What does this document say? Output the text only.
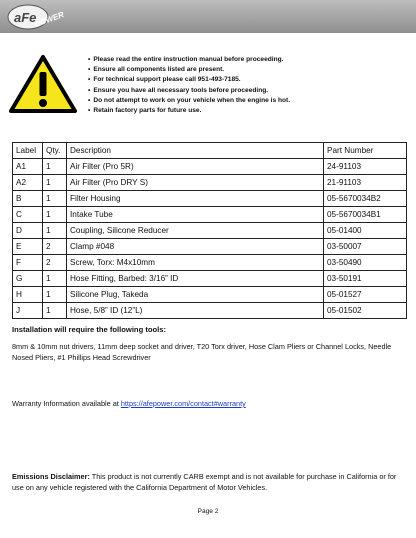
aFe
POWER
• Please read the entire instruction manual before proceeding.
• Ensure all components listed are present.
• For technical support please call 951-493-7185.
• Ensure you have all necessary tools before proceeding.
• Do not attempt to work on your vehicle when the engine is hot.
• Retain factory parts for future use.
Label	Qty.	Description	Part Number
A1	1	Air Filter (Pro 5R)	24-91103
A2	1	Air Filter (Pro DRY S)	21-91103
B	1	Filter Housing	05-5670034B2
C	1	Intake Tube	05-5670034B1
D	1	Coupling, Silicone Reducer	05-01400
E	2	Clamp #048	03-50007
F	2	Screw, Torx: M4x10mm	03-50490
G	1	Hose Fitting, Barbed: 3/16” ID	03-50191
H	1	Silicone Plug, Takeda	05-01527
J	1	Hose, 5/8” ID (12”L)	05-01502
Installation will require the following tools:
8mm & 10mm nut drivers, 11mm deep socket and driver, T20 Torx driver, Hose Clam Pliers or Channel Locks, Needle Nosed Pliers, #1 Phillips Head Screwdriver
Warranty Information available at https://afepower.com/contact#warranty
Emissions Disclaimer: This product is not currently CARB exempt and is not available for purchase in California or for use on any vehicle registered with the California Department of Motor Vehicles.
Page 2
